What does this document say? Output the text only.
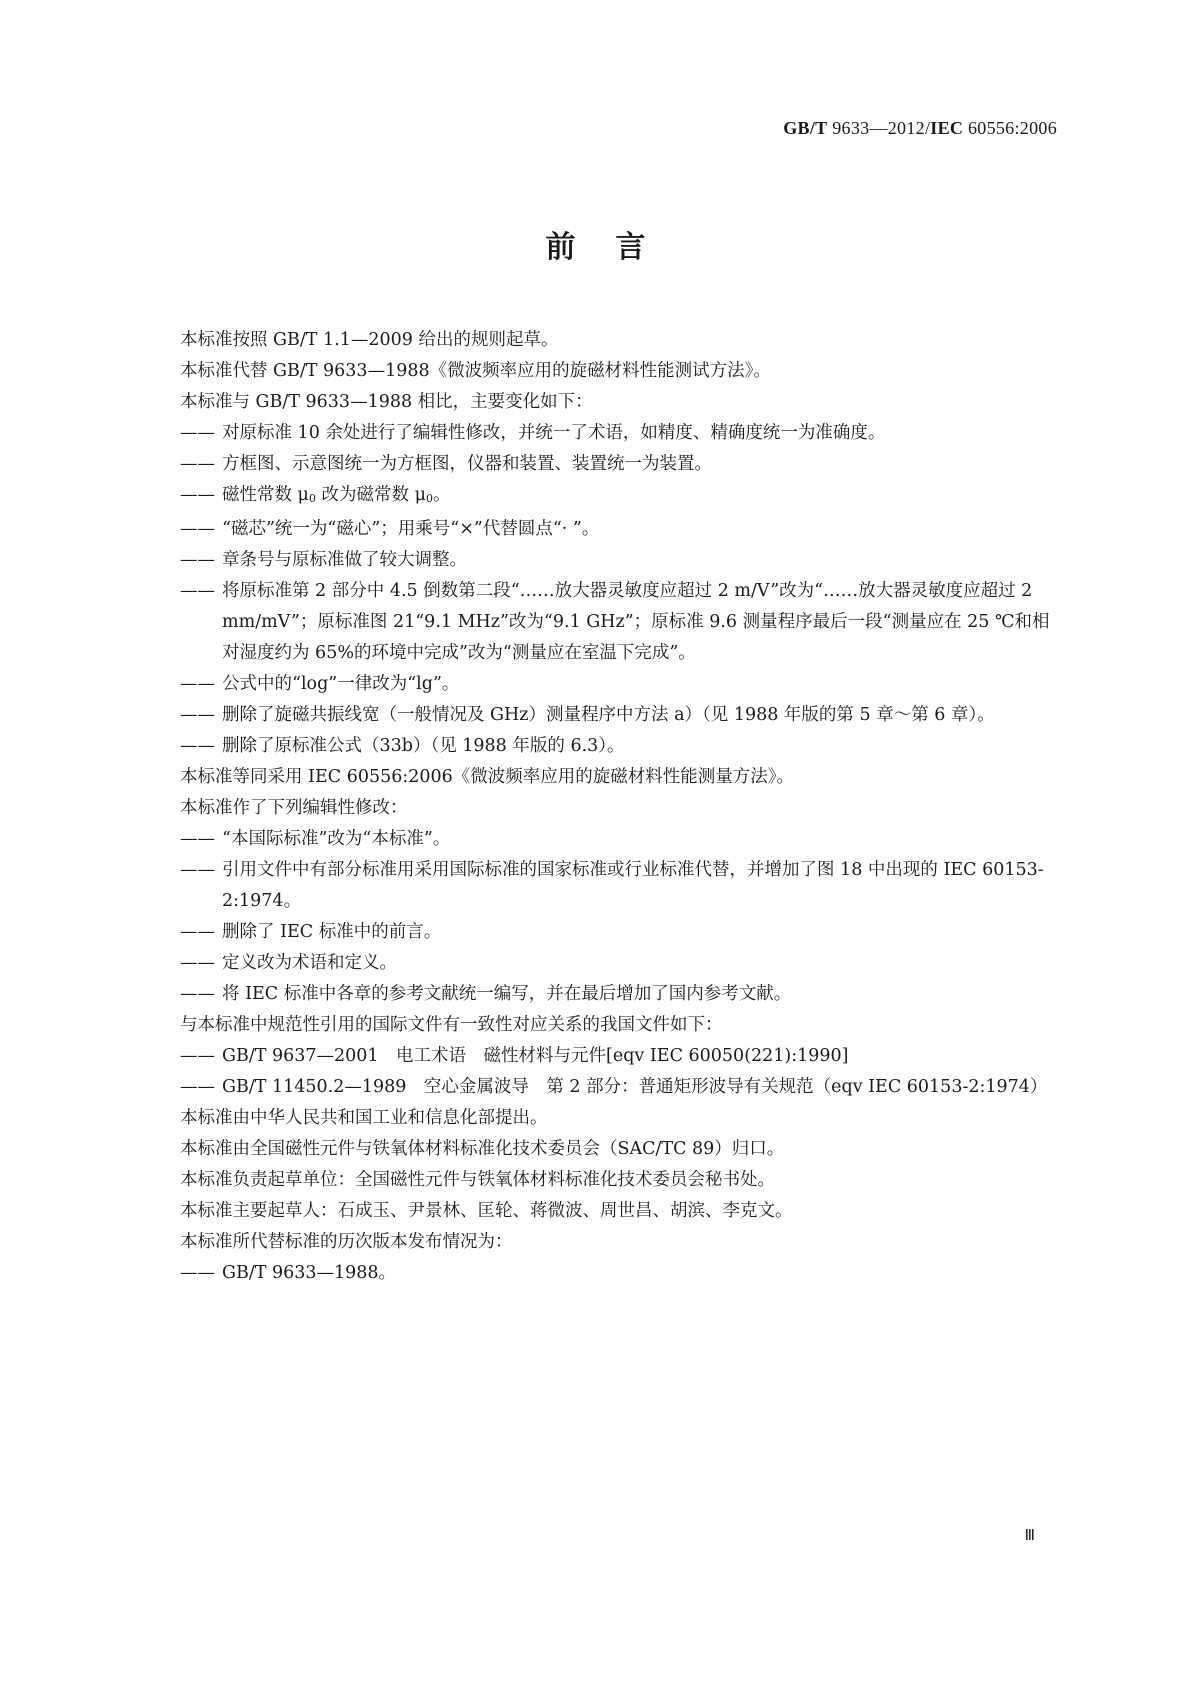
GB/T 9633—2012/IEC 60556:2006
前言

本标准按照 GB/T 1.1—2009 给出的规则起草。

本标准代替 GB/T 9633—1988《微波频率应用的旋磁材料性能测试方法》。

本标准与 GB/T 9633—1988 相比，主要变化如下：

—— 对原标准 10 余处进行了编辑性修改，并统一了术语，如精度、精确度统一为准确度。

—— 方框图、示意图统一为方框图，仪器和装置、装置统一为装置。

—— 磁性常数 $\mu_0$ 改为磁常数 $\mu_0$。

—— “磁芯”统一为“磁心”；用乘号“×”代替圆点“· ”。

—— 章条号与原标准做了较大调整。

—— 将原标准第 2 部分中 4.5 倒数第二段“……放大器灵敏度应超过 2 m/V”改为“……放大器灵敏度应超过 2 mm/mV”；原标准图 21“9.1 MHz”改为“9.1 GHz”；原标准 9.6 测量程序最后一段“测量应在 25 ℃和相对湿度约为 65%的环境中完成”改为“测量应在室温下完成”。

—— 公式中的“log”一律改为“lg”。

—— 删除了旋磁共振线宽（一般情况及 GHz）测量程序中方法 a）（见 1988 年版的第 5 章～第 6 章）。

—— 删除了原标准公式（33b）（见 1988 年版的 6.3）。

本标准等同采用 IEC 60556:2006《微波频率应用的旋磁材料性能测量方法》。

本标准作了下列编辑性修改：

—— “本国际标准”改为“本标准”。

—— 引用文件中有部分标准用采用国际标准的国家标准或行业标准代替，并增加了图 18 中出现的 IEC 60153-2:1974。

—— 删除了 IEC 标准中的前言。

—— 定义改为术语和定义。

—— 将 IEC 标准中各章的参考文献统一编写，并在最后增加了国内参考文献。

与本标准中规范性引用的国际文件有一致性对应关系的我国文件如下：

—— GB/T 9637—2001　电工术语　磁性材料与元件[eqv IEC 60050(221):1990]

—— GB/T 11450.2—1989　空心金属波导　第 2 部分：普通矩形波导有关规范（eqv IEC 60153-2:1974）

本标准由中华人民共和国工业和信息化部提出。

本标准由全国磁性元件与铁氧体材料标准化技术委员会（SAC/TC 89）归口。

本标准负责起草单位：全国磁性元件与铁氧体材料标准化技术委员会秘书处。

本标准主要起草人：石成玉、尹景林、匡轮、蒋微波、周世昌、胡滨、李克文。

本标准所代替标准的历次版本发布情况为：

—— GB/T 9633—1988。

Ⅲ
